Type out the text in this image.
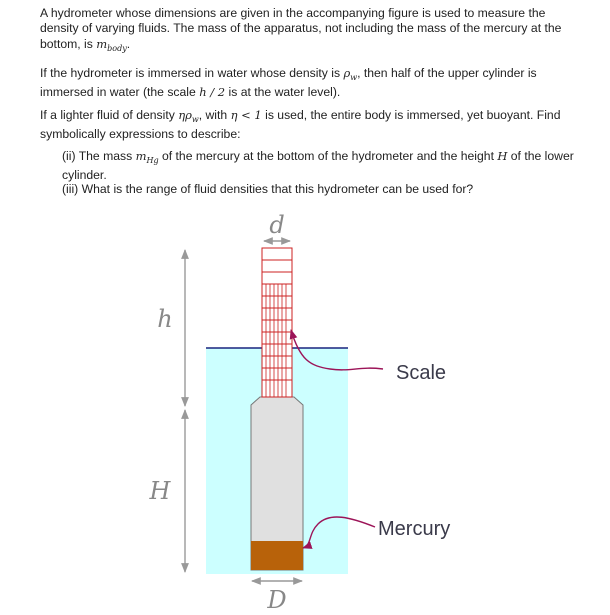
A hydrometer whose dimensions are given in the accompanying figure is used to measure the density of varying fluids. The mass of the apparatus, not including the mass of the mercury at the bottom, is $m_{body}$.
If the hydrometer is immersed in water whose density is $\rho_w$, then half of the upper cylinder is immersed in water (the scale h / 2 is at the water level).
If a lighter fluid of density $\eta\rho_w$, with η < 1 is used, the entire body is immersed, yet buoyant. Find symbolically expressions to describe:
(ii) The mass $m_{Hg}$ of the mercury at the bottom of the hydrometer and the height H of the lower cylinder.
(iii) What is the range of fluid densities that this hydrometer can be used for?
d
h
H
D
Scale
Mercury
